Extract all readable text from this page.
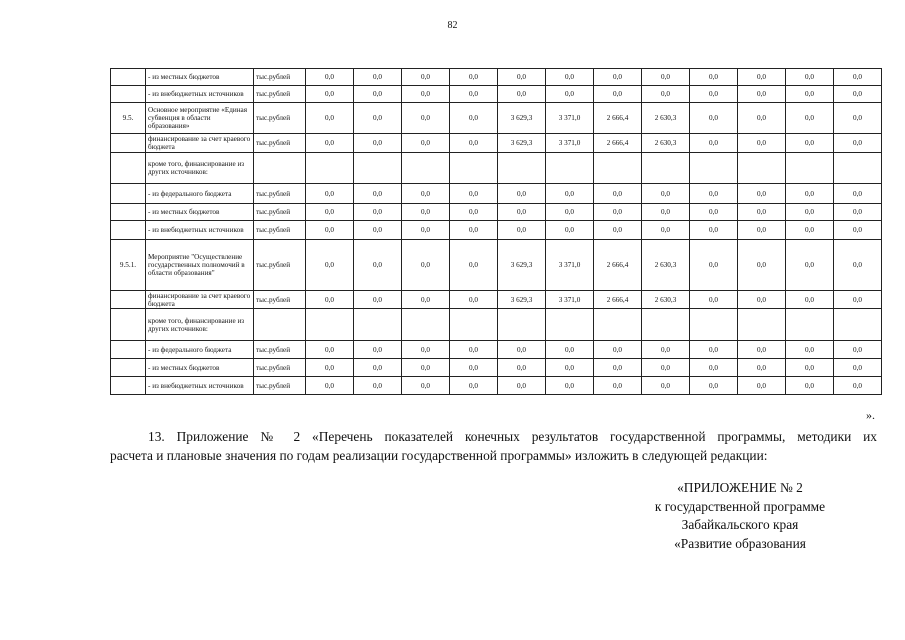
82
	- из местных бюджетов	тыс.рублей	0,0	0,0	0,0	0,0	0,0	0,0	0,0	0,0	0,0	0,0	0,0	0,0
	- из внебюджетных источников	тыс.рублей	0,0	0,0	0,0	0,0	0,0	0,0	0,0	0,0	0,0	0,0	0,0	0,0
9.5.	Основное мероприятие «Единая субвенция в области образования»	тыс.рублей	0,0	0,0	0,0	0,0	3 629,3	3 371,0	2 666,4	2 630,3	0,0	0,0	0,0	0,0
	финансирование за счет краевого бюджета	тыс.рублей	0,0	0,0	0,0	0,0	3 629,3	3 371,0	2 666,4	2 630,3	0,0	0,0	0,0	0,0
	кроме того, финансирование из других источников:													
	- из федерального бюджета	тыс.рублей	0,0	0,0	0,0	0,0	0,0	0,0	0,0	0,0	0,0	0,0	0,0	0,0
	- из местных бюджетов	тыс.рублей	0,0	0,0	0,0	0,0	0,0	0,0	0,0	0,0	0,0	0,0	0,0	0,0
	- из внебюджетных источников	тыс.рублей	0,0	0,0	0,0	0,0	0,0	0,0	0,0	0,0	0,0	0,0	0,0	0,0
9.5.1.	Мероприятие "Осуществление государственных полномочий в области образования"	тыс.рублей	0,0	0,0	0,0	0,0	3 629,3	3 371,0	2 666,4	2 630,3	0,0	0,0	0,0	0,0
	финансирование за счет краевого бюджета	тыс.рублей	0,0	0,0	0,0	0,0	3 629,3	3 371,0	2 666,4	2 630,3	0,0	0,0	0,0	0,0
	кроме того, финансирование из других источников:													
	- из федерального бюджета	тыс.рублей	0,0	0,0	0,0	0,0	0,0	0,0	0,0	0,0	0,0	0,0	0,0	0,0
	- из местных бюджетов	тыс.рублей	0,0	0,0	0,0	0,0	0,0	0,0	0,0	0,0	0,0	0,0	0,0	0,0
	- из внебюджетных источников	тыс.рублей	0,0	0,0	0,0	0,0	0,0	0,0	0,0	0,0	0,0	0,0	0,0	0,0
».
13. Приложение № 2 «Перечень показателей конечных результатов государственной программы, методики их
расчета и плановые значения по годам реализации государственной программы» изложить в следующей редакции:
«ПРИЛОЖЕНИЕ № 2
к государственной программе
Забайкальского края
«Развитие образования
